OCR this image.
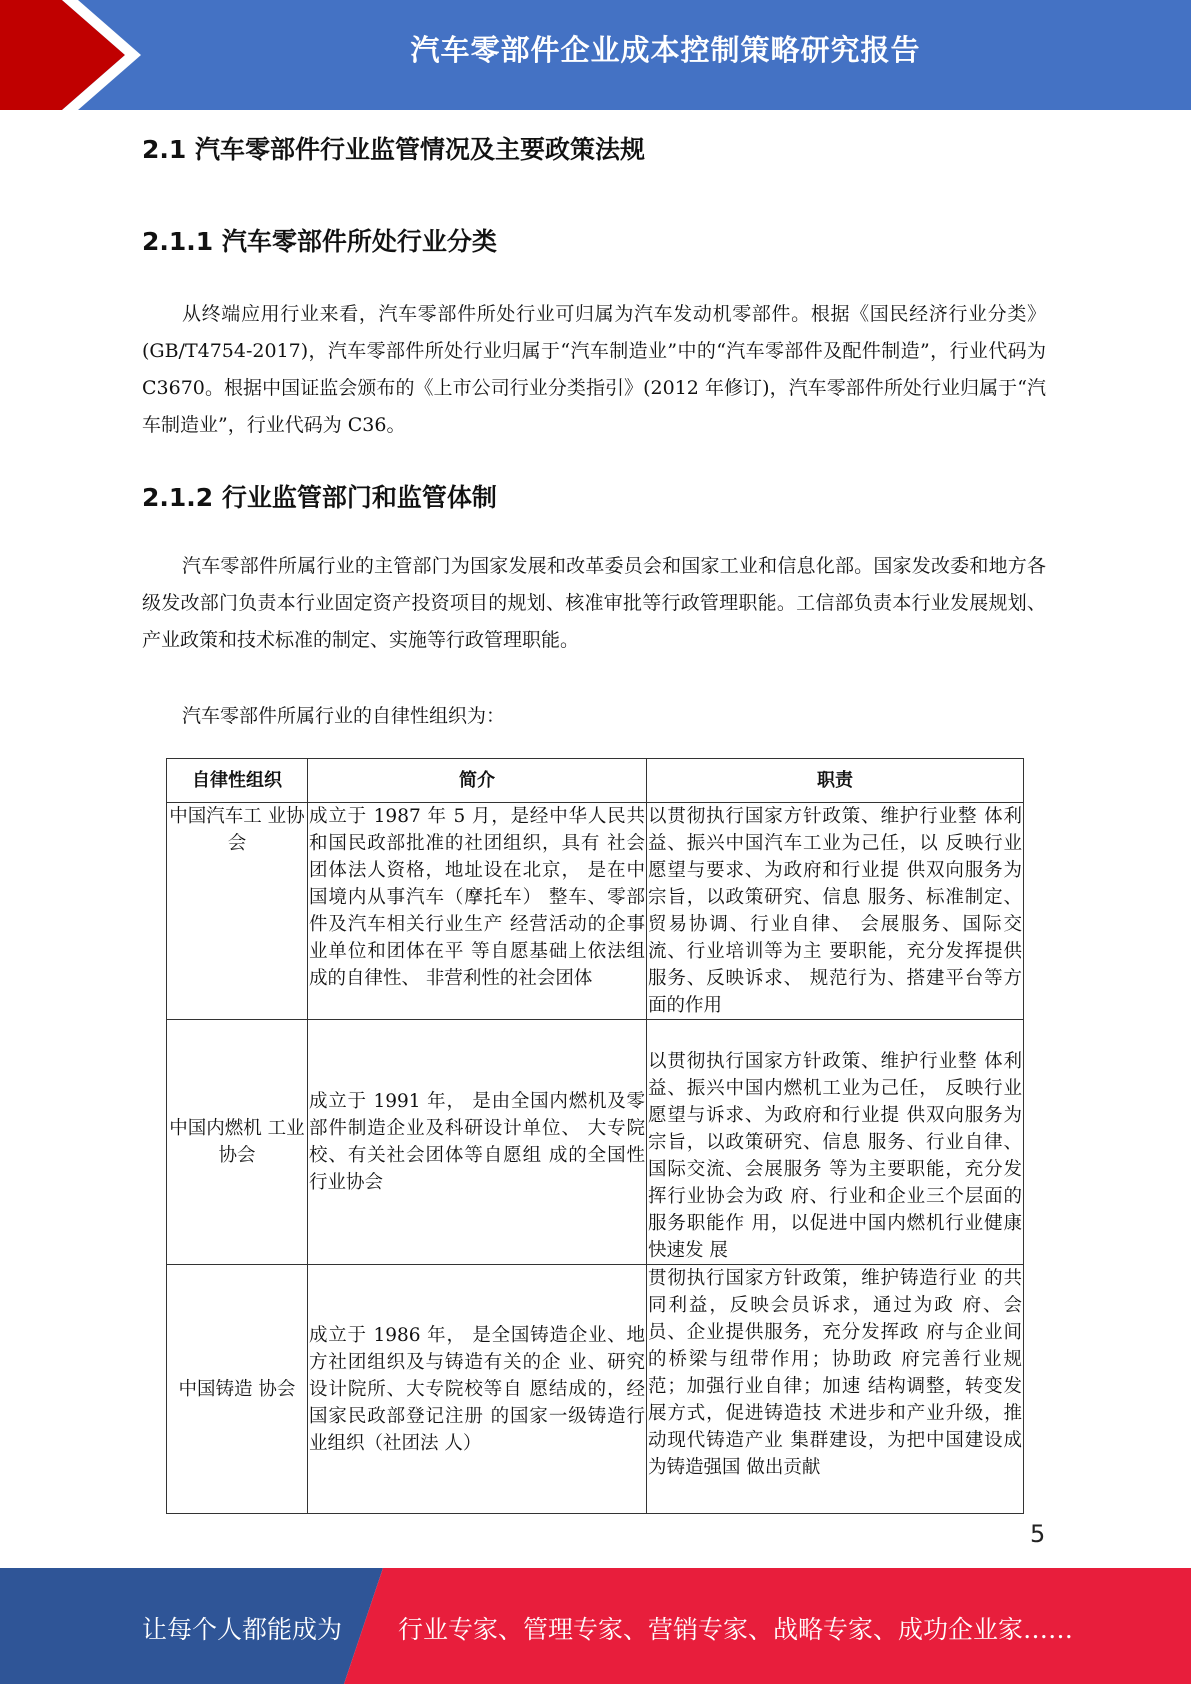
汽车零部件企业成本控制策略研究报告
2.1 汽车零部件行业监管情况及主要政策法规
2.1.1 汽车零部件所处行业分类

从终端应用行业来看，汽车零部件所处行业可归属为汽车发动机零部件。根据《国民经济行业分类》(GB/T4754-2017)，汽车零部件所处行业归属于“汽车制造业”中的“汽车零部件及配件制造”，行业代码为 C3670。根据中国证监会颁布的《上市公司行业分类指引》(2012 年修订)，汽车零部件所处行业归属于“汽车制造业”，行业代码为 C36。

2.1.2 行业监管部门和监管体制

汽车零部件所属行业的主管部门为国家发展和改革委员会和国家工业和信息化部。国家发改委和地方各级发改部门负责本行业固定资产投资项目的规划、核准审批等行政管理职能。工信部负责本行业发展规划、产业政策和技术标准的制定、实施等行政管理职能。

汽车零部件所属行业的自律性组织为：

自律性组织	简介	职责
中国汽车工 业协会	成立于 1987 年 5 月，是经中华人民共和国民政部批准的社团组织，具有 社会团体法人资格，地址设在北京， 是在中国境内从事汽车（摩托车） 整车、零部件及汽车相关行业生产 经营活动的企事业单位和团体在平 等自愿基础上依法组成的自律性、 非营利性的社会团体	以贯彻执行国家方针政策、维护行业整 体利益、振兴中国汽车工业为己任，以 反映行业愿望与要求、为政府和行业提 供双向服务为宗旨，以政策研究、信息 服务、标准制定、贸易协调、行业自律、 会展服务、国际交流、行业培训等为主 要职能，充分发挥提供服务、反映诉求、 规范行为、搭建平台等方面的作用
中国内燃机 工业协会	成立于 1991 年， 是由全国内燃机及零部件制造企业及科研设计单位、 大专院校、有关社会团体等自愿组 成的全国性行业协会	以贯彻执行国家方针政策、维护行业整 体利益、振兴中国内燃机工业为己任， 反映行业愿望与诉求、为政府和行业提 供双向服务为宗旨，以政策研究、信息 服务、行业自律、国际交流、会展服务 等为主要职能，充分发挥行业协会为政 府、行业和企业三个层面的服务职能作 用，以促进中国内燃机行业健康快速发 展
中国铸造 协会	成立于 1986 年， 是全国铸造企业、地方社团组织及与铸造有关的企 业、研究设计院所、大专院校等自 愿结成的，经国家民政部登记注册 的国家一级铸造行业组织（社团法 人）	贯彻执行国家方针政策，维护铸造行业 的共同利益，反映会员诉求，通过为政 府、会员、企业提供服务，充分发挥政 府与企业间的桥梁与纽带作用；协助政 府完善行业规范；加强行业自律；加速 结构调整，转变发展方式，促进铸造技 术进步和产业升级，推动现代铸造产业 集群建设，为把中国建设成为铸造强国 做出贡献
5
让每个人都能成为 行业专家、管理专家、营销专家、战略专家、成功企业家……
